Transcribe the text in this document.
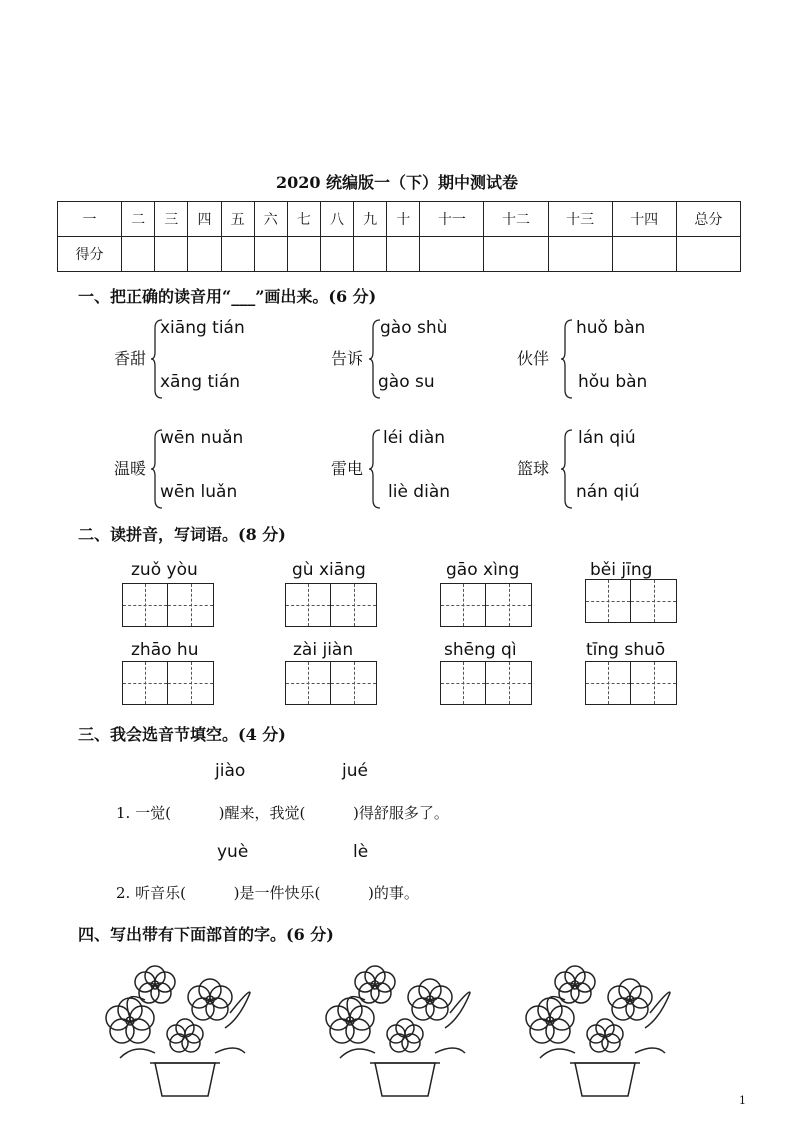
2020 统编版一（下）期中测试卷
一	二	三	四	五	六	七	八	九	十	十一	十二	十三	十四	总分
得分														
一、把正确的读音用“___”画出来。(6 分)
香甜
xiāng tián
xāng tián
告诉
gào shù
gào su
伙伴
huǒ bàn
hǒu bàn
温暖
wēn nuǎn
wēn luǎn
雷电
léi diàn
liè diàn
篮球
lán qiú
nán qiú
二、读拼音，写词语。(8 分)
zuǒ yòu	gù xiāng	gāo xìng	běi jīng
zhāo hu	zài jiàn	shēng qì	tīng shuō
三、我会选音节填空。(4 分)
jiào	jué
1. 一觉(          )醒来，我觉(          )得舒服多了。
yuè	lè
2. 听音乐(          )是一件快乐(          )的事。
四、写出带有下面部首的字。(6 分)
1
